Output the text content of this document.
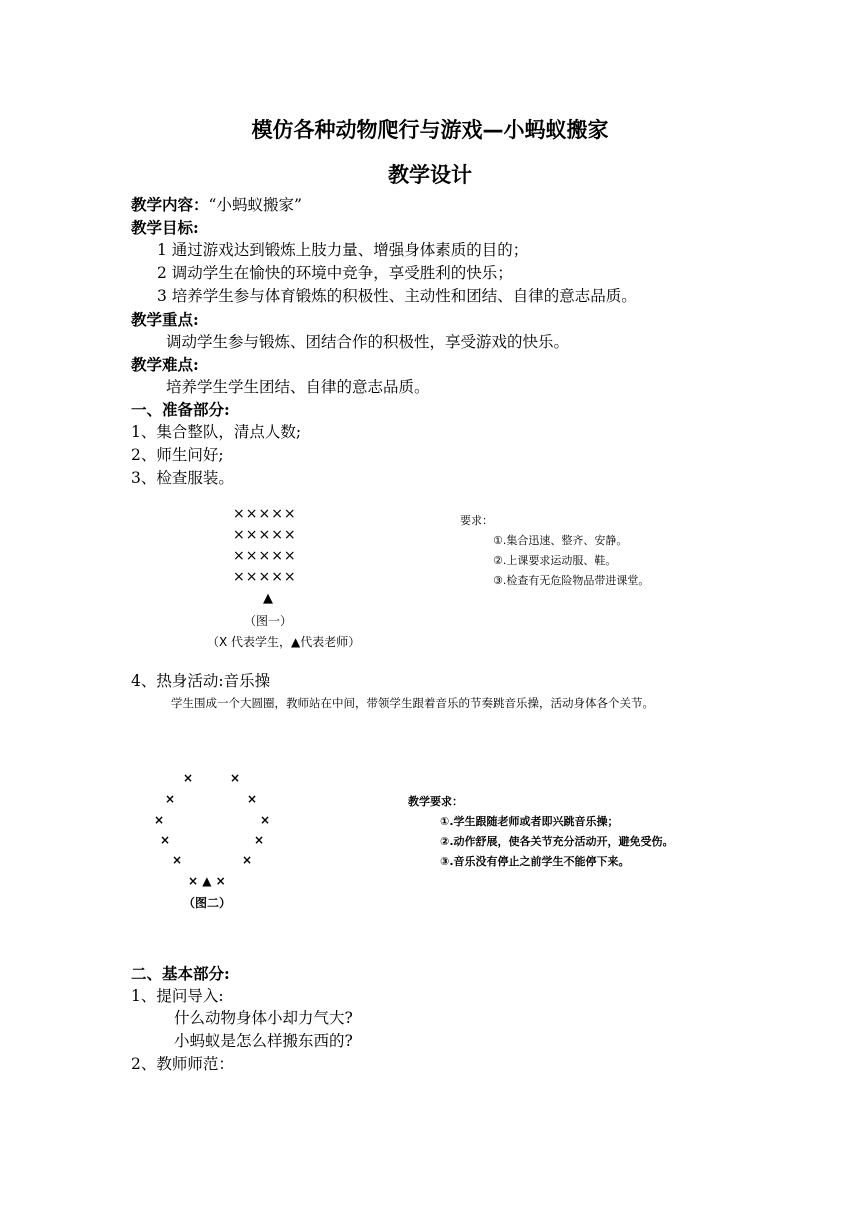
模仿各种动物爬行与游戏—小蚂蚁搬家
教学设计
教学内容：“小蚂蚁搬家”
教学目标:
1 通过游戏达到锻炼上肢力量、增强身体素质的目的；
2 调动学生在愉快的环境中竞争，享受胜利的快乐；
3 培养学生参与体育锻炼的积极性、主动性和团结、自律的意志品质。
教学重点:
调动学生参与锻炼、团结合作的积极性，享受游戏的快乐。
教学难点:
培养学生学生团结、自律的意志品质。
一、准备部分:
1、集合整队，清点人数;
2、师生问好;
3、检查服装。
×××××
×××××
×××××
×××××
▲
（图一）
（X 代表学生，▲代表老师）
要求：
①.集合迅速、整齐、安静。
②.上课要求运动服、鞋。
③.检查有无危险物品带进课堂。
4、热身活动:音乐操
学生围成一个大圆圈，教师站在中间，带领学生跟着音乐的节奏跳音乐操，活动身体各个关节。
×	×
×	×
×	×
×	×
×	×
× ▲ ×
（图二）
教学要求：
①.学生跟随老师或者即兴跳音乐操；
②.动作舒展，使各关节充分活动开，避免受伤。
③.音乐没有停止之前学生不能停下来。
二、基本部分:
1、提问导入:
什么动物身体小却力气大?
小蚂蚁是怎么样搬东西的?
2、教师师范：
